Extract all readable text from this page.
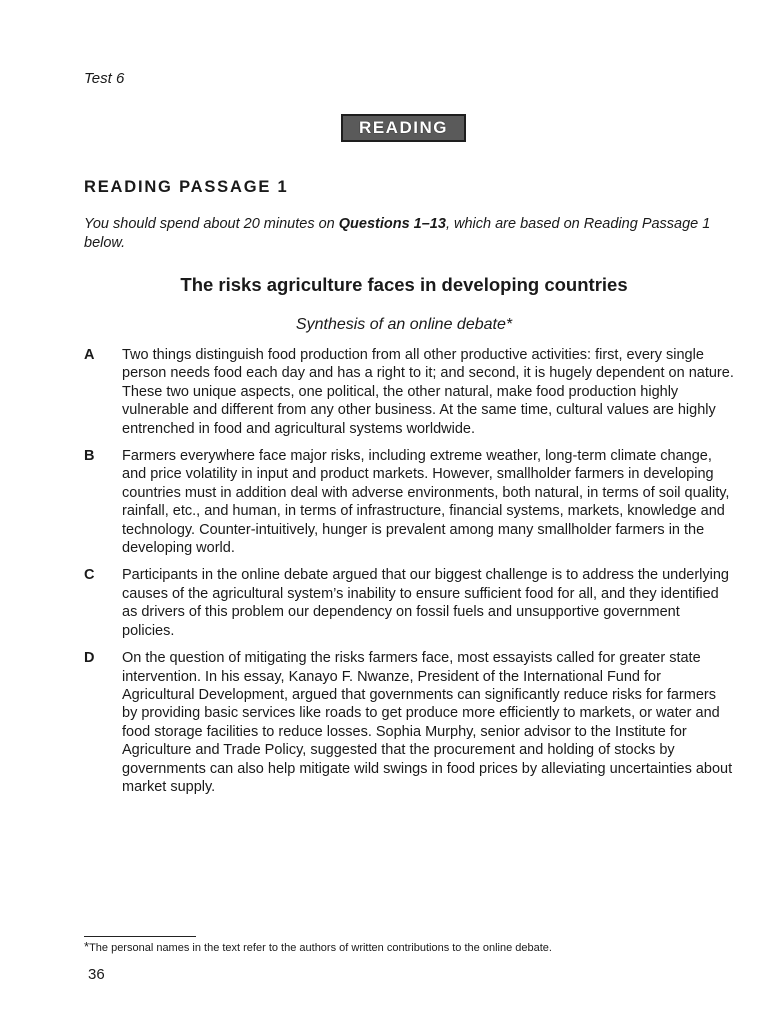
Test 6
READING
READING PASSAGE 1
You should spend about 20 minutes on Questions 1–13, which are based on Reading Passage 1 below.
The risks agriculture faces in developing countries
Synthesis of an online debate*
A	Two things distinguish food production from all other productive activities: first, every single person needs food each day and has a right to it; and second, it is hugely dependent on nature. These two unique aspects, one political, the other natural, make food production highly vulnerable and different from any other business. At the same time, cultural values are highly entrenched in food and agricultural systems worldwide.
B	Farmers everywhere face major risks, including extreme weather, long-term climate change, and price volatility in input and product markets. However, smallholder farmers in developing countries must in addition deal with adverse environments, both natural, in terms of soil quality, rainfall, etc., and human, in terms of infrastructure, financial systems, markets, knowledge and technology. Counter-intuitively, hunger is prevalent among many smallholder farmers in the developing world.
C	Participants in the online debate argued that our biggest challenge is to address the underlying causes of the agricultural system’s inability to ensure sufficient food for all, and they identified as drivers of this problem our dependency on fossil fuels and unsupportive government policies.
D	On the question of mitigating the risks farmers face, most essayists called for greater state intervention. In his essay, Kanayo F. Nwanze, President of the International Fund for Agricultural Development, argued that governments can significantly reduce risks for farmers by providing basic services like roads to get produce more efficiently to markets, or water and food storage facilities to reduce losses. Sophia Murphy, senior advisor to the Institute for Agriculture and Trade Policy, suggested that the procurement and holding of stocks by governments can also help mitigate wild swings in food prices by alleviating uncertainties about market supply.
*The personal names in the text refer to the authors of written contributions to the online debate.
36
